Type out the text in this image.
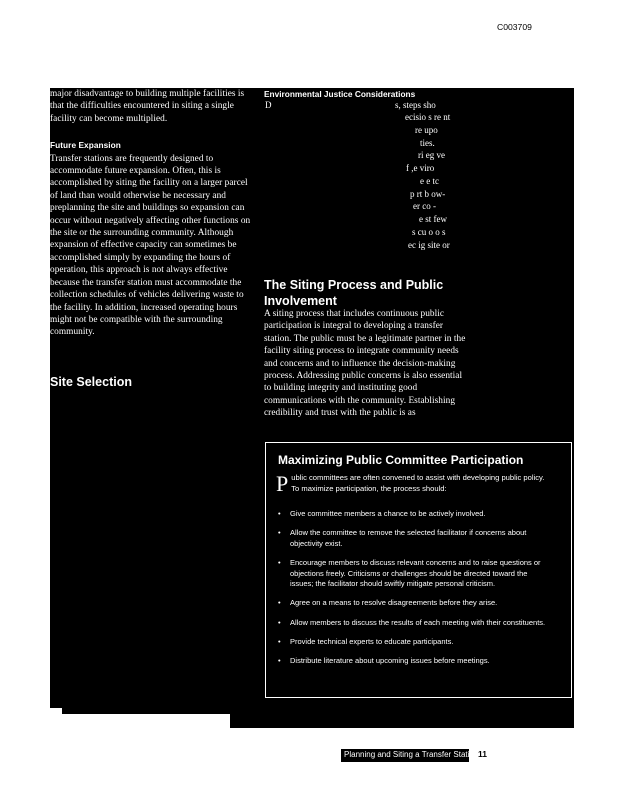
C003709

major disadvantage to building multiple facilities is that the difficulties encountered in siting a single facility can become multiplied.

Future Expansion

Transfer stations are frequently designed to accommodate future expansion. Often, this is accomplished by siting the facility on a larger parcel of land than would otherwise be necessary and preplanning the site and buildings so expansion can occur without negatively affecting other functions on the site or the surrounding community. Although expansion of effective capacity can sometimes be accomplished simply by expanding the hours of operation, this approach is not always effective because the transfer station must accommodate the collection schedules of vehicles delivering waste to the facility. In addition, increased operating hours might not be compatible with the surrounding community.

Site Selection
Environmental Justice Considerations
D	s, steps sho
ecisio s re nt
re upo
ties.
ri eg ve
f ,e viro
e e tc
p rt b ow-
er co -
e st few
s cu o o s
ec ig site or
The Siting Process and Public Involvement

A siting process that includes continuous public participation is integral to developing a transfer station. The public must be a legitimate partner in the facility siting process to integrate community needs and concerns and to influence the decision-making process. Addressing public concerns is also essential to building integrity and instituting good communications with the community. Establishing credibility and trust with the public is as

Maximizing Public Committee Participation
Public committees are often convened to assist with developing public policy. To maximize participation, the process should:
• Give committee members a chance to be actively involved.
• Allow the committee to remove the selected facilitator if concerns about objectivity exist.
• Encourage members to discuss relevant concerns and to raise questions or objections freely. Criticisms or challenges should be directed toward the issues; the facilitator should swiftly mitigate personal criticism.
• Agree on a means to resolve disagreements before they arise.
• Allow members to discuss the results of each meeting with their constituents.
• Provide technical experts to educate participants.
• Distribute literature about upcoming issues before meetings.
Planning and Siting a Transfer Station 11
